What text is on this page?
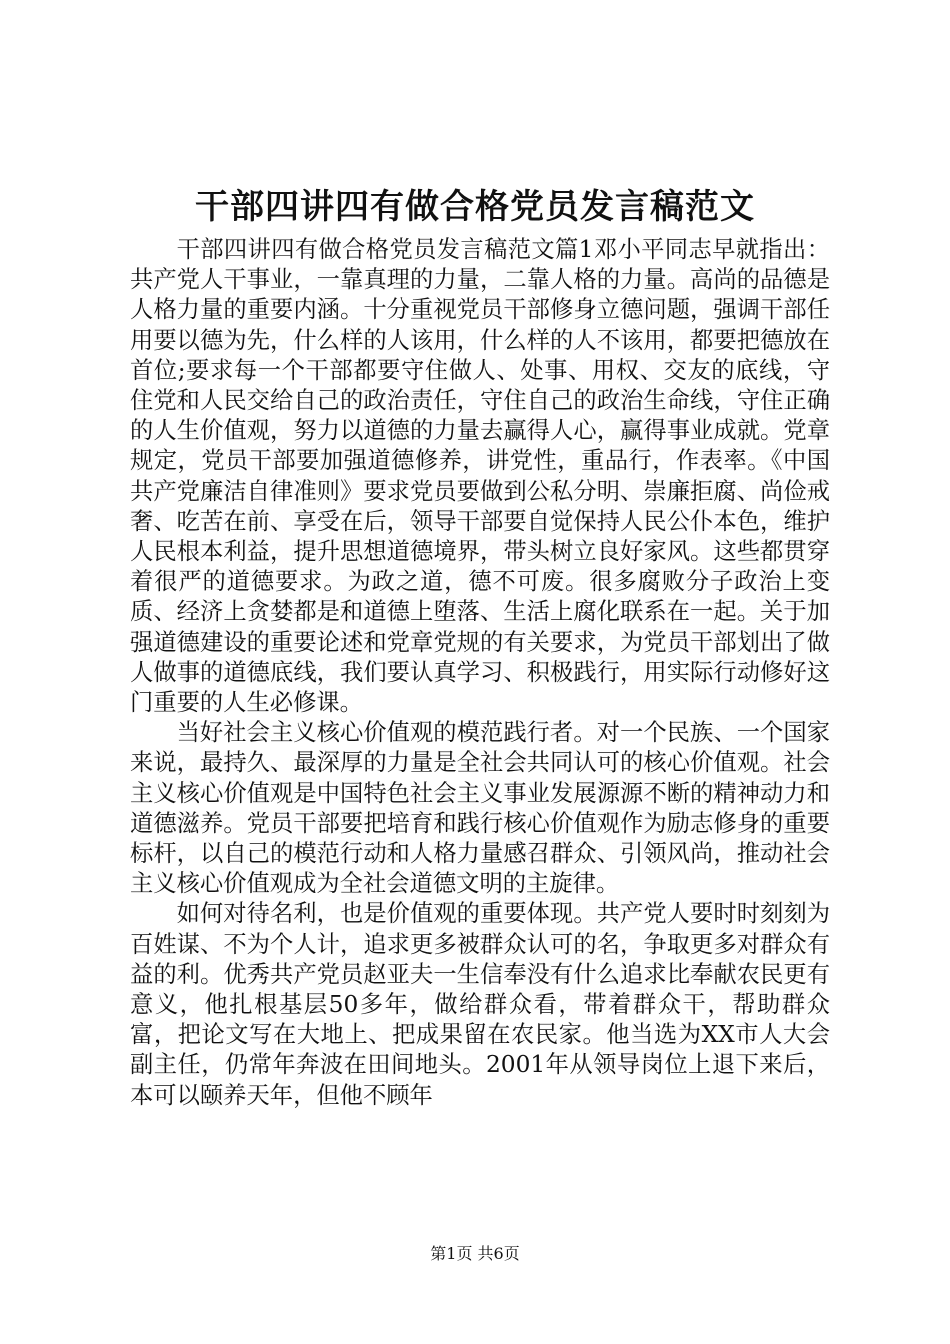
干部四讲四有做合格党员发言稿范文

干部四讲四有做合格党员发言稿范文篇1邓小平同志早就指出：共产党人干事业，一靠真理的力量，二靠人格的力量。高尚的品德是人格力量的重要内涵。十分重视党员干部修身立德问题，强调干部任用要以德为先，什么样的人该用，什么样的人不该用，都要把德放在首位;要求每一个干部都要守住做人、处事、用权、交友的底线，守住党和人民交给自己的政治责任，守住自己的政治生命线，守住正确的人生价值观，努力以道德的力量去赢得人心，赢得事业成就。党章规定，党员干部要加强道德修养，讲党性，重品行，作表率。《中国共产党廉洁自律准则》要求党员要做到公私分明、崇廉拒腐、尚俭戒奢、吃苦在前、享受在后，领导干部要自觉保持人民公仆本色，维护人民根本利益，提升思想道德境界，带头树立良好家风。这些都贯穿着很严的道德要求。为政之道，德不可废。很多腐败分子政治上变质、经济上贪婪都是和道德上堕落、生活上腐化联系在一起。关于加强道德建设的重要论述和党章党规的有关要求，为党员干部划出了做人做事的道德底线，我们要认真学习、积极践行，用实际行动修好这门重要的人生必修课。

当好社会主义核心价值观的模范践行者。对一个民族、一个国家来说，最持久、最深厚的力量是全社会共同认可的核心价值观。社会主义核心价值观是中国特色社会主义事业发展源源不断的精神动力和道德滋养。党员干部要把培育和践行核心价值观作为励志修身的重要标杆，以自己的模范行动和人格力量感召群众、引领风尚，推动社会主义核心价值观成为全社会道德文明的主旋律。

如何对待名利，也是价值观的重要体现。共产党人要时时刻刻为百姓谋、不为个人计，追求更多被群众认可的名，争取更多对群众有益的利。优秀共产党员赵亚夫一生信奉没有什么追求比奉献农民更有意义，他扎根基层50多年，做给群众看，带着群众干，帮助群众富，把论文写在大地上、把成果留在农民家。他当选为XX市人大会副主任，仍常年奔波在田间地头。2001年从领导岗位上退下来后，本可以颐养天年，但他不顾年

第1页 共6页
